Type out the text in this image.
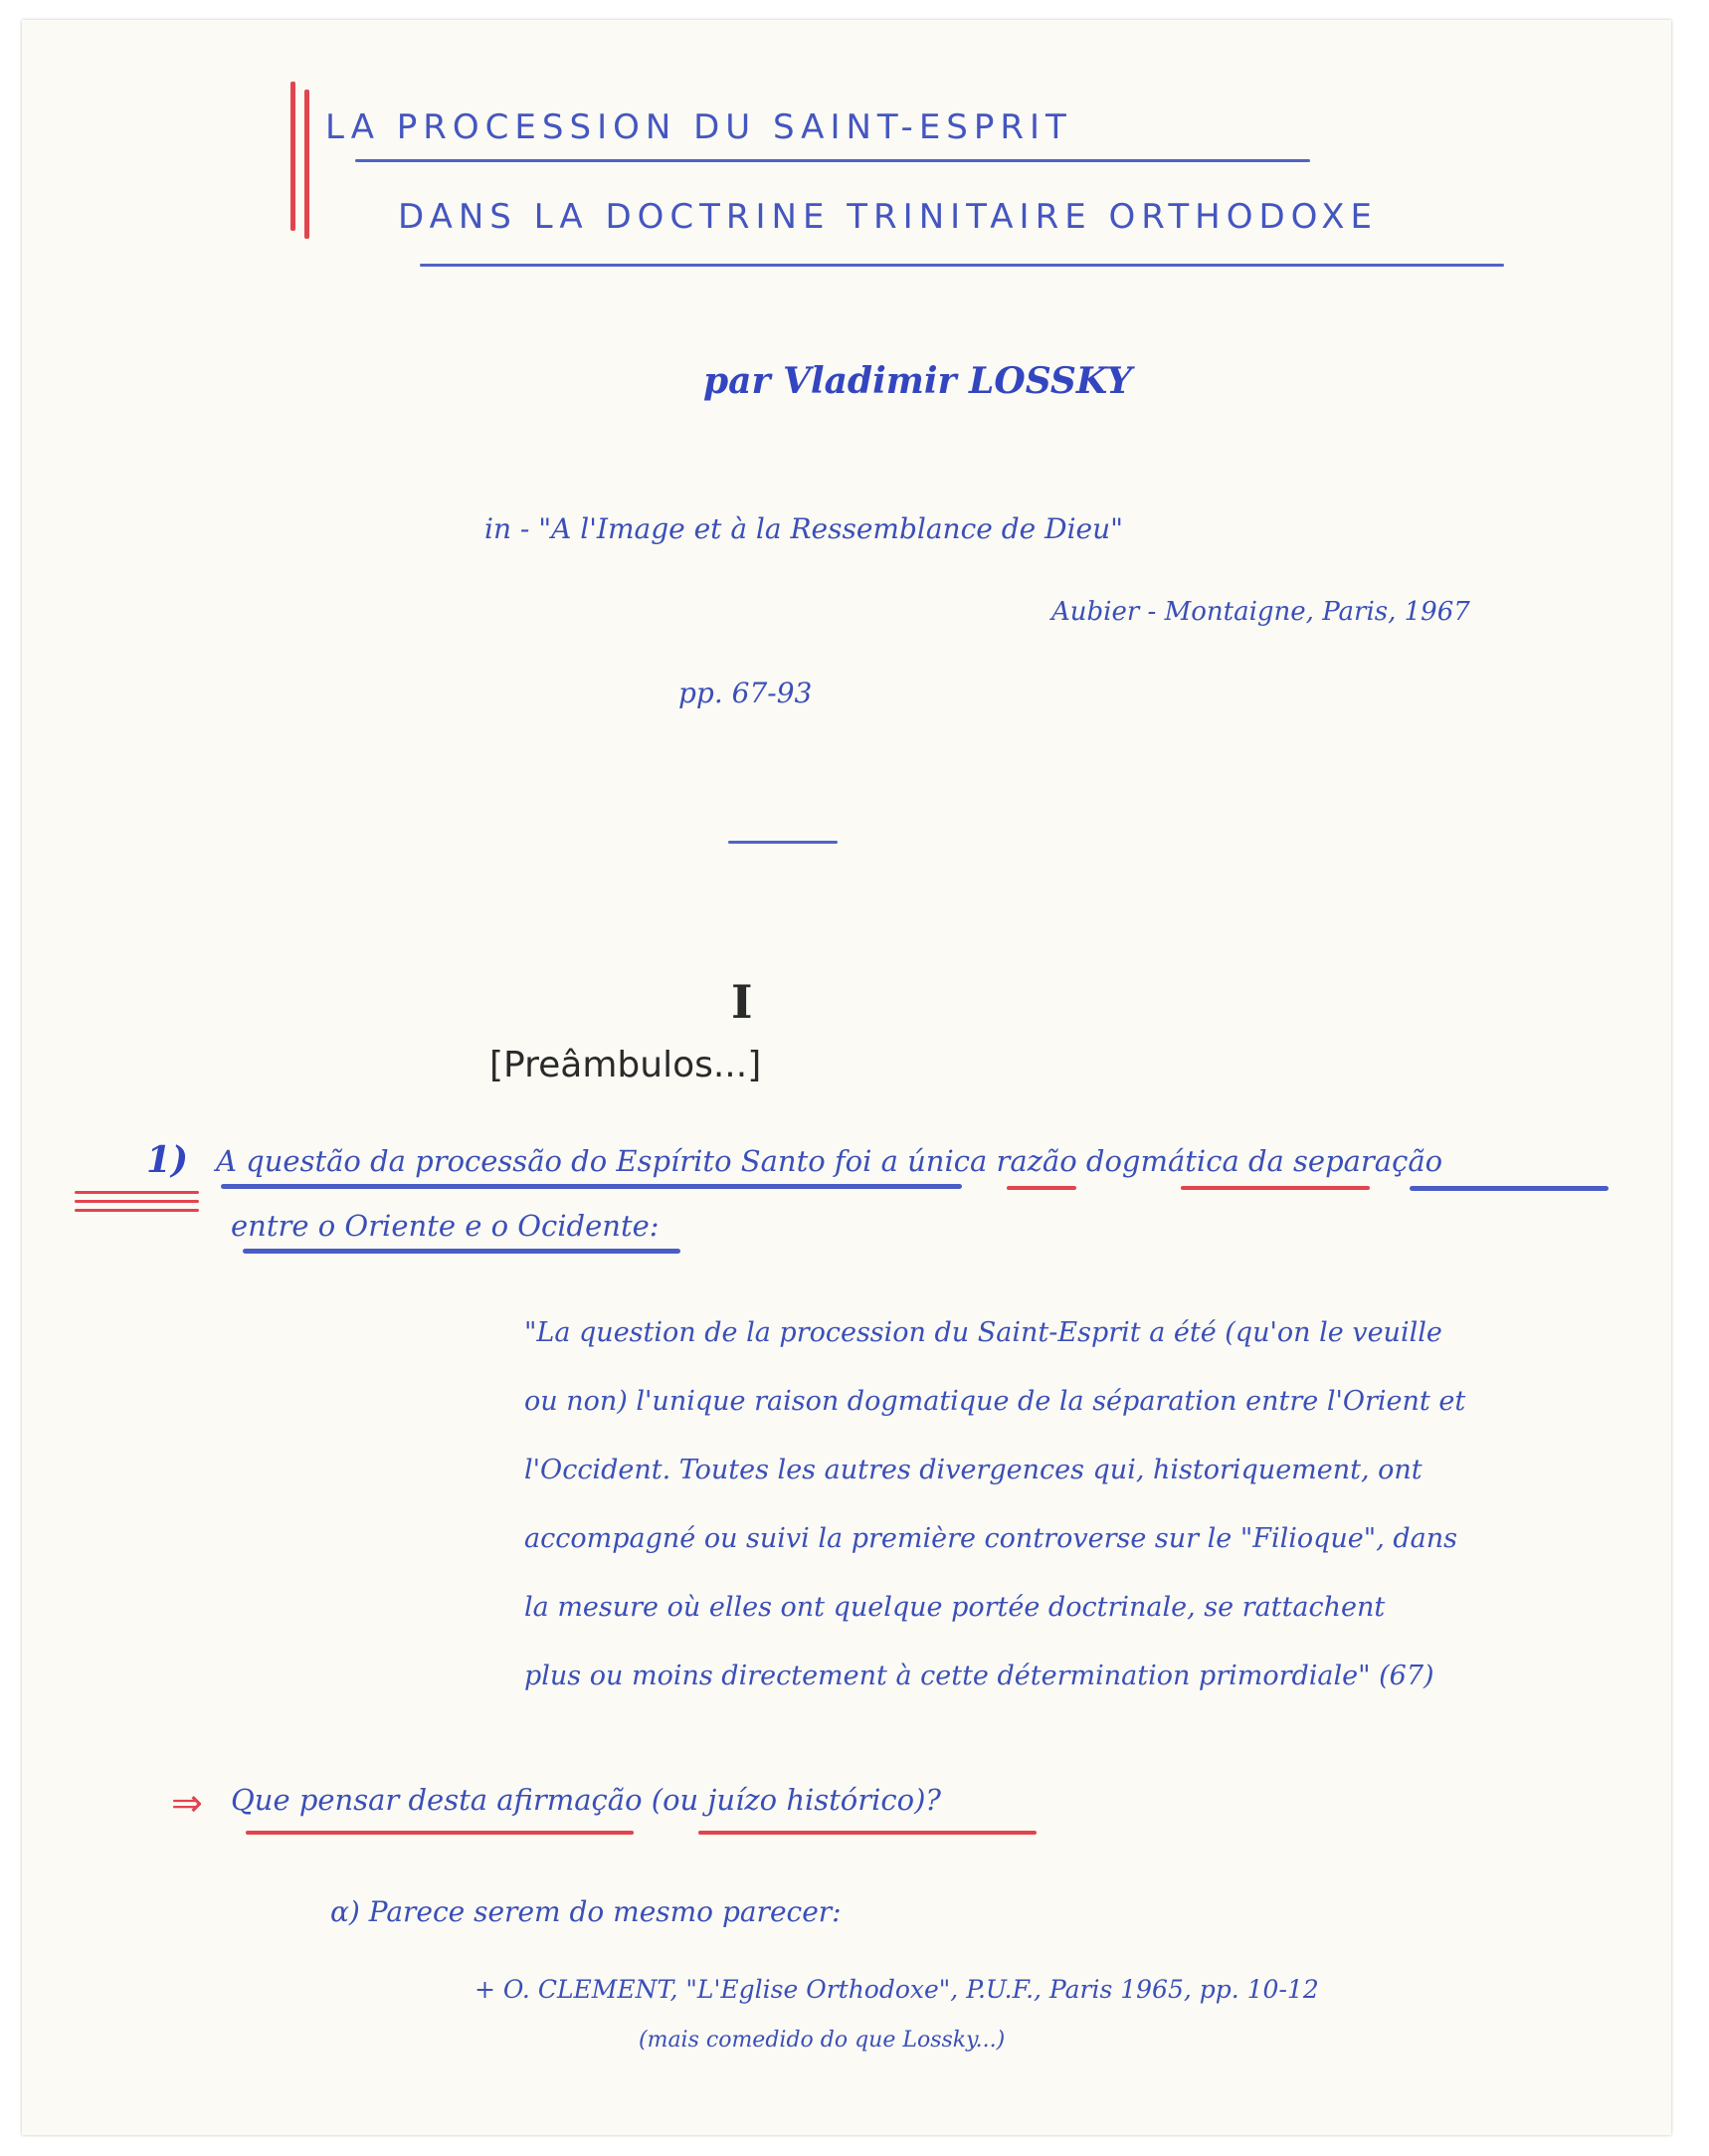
LA PROCESSION DU SAINT-ESPRIT
DANS LA DOCTRINE TRINITAIRE ORTHODOXE
par Vladimir LOSSKY
in - "A l'Image et à la Ressemblance de Dieu"
Aubier - Montaigne, Paris, 1967
pp. 67-93
I
[Preâmbulos...]
1) A questão da processão do Espírito Santo foi a única razão dogmática da separação
entre o Oriente e o Ocidente:
"La question de la procession du Saint-Esprit a été (qu'on le veuille
ou non) l'unique raison dogmatique de la séparation entre l'Orient et
l'Occident. Toutes les autres divergences qui, historiquement, ont
accompagné ou suivi la première controverse sur le "Filioque", dans
la mesure où elles ont quelque portée doctrinale, se rattachent
plus ou moins directement à cette détermination primordiale" (67)
⇒ Que pensar desta afirmação (ou juízo histórico)?
α) Parece serem do mesmo parecer:
+ O. CLEMENT, "L'Eglise Orthodoxe", P.U.F., Paris 1965, pp. 10-12
(mais comedido do que Lossky...)
